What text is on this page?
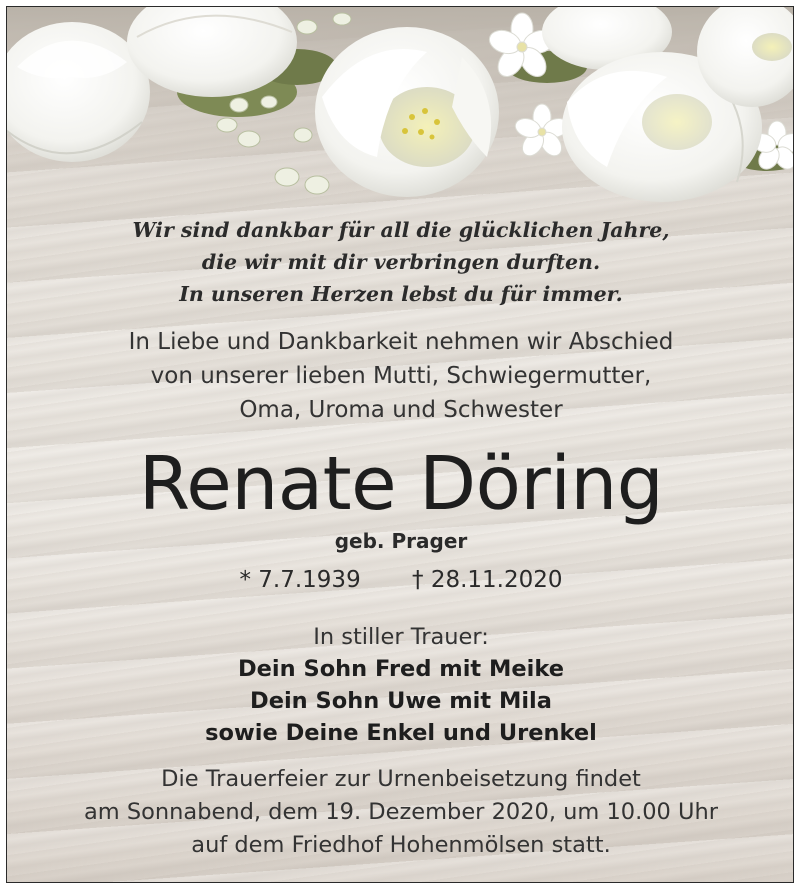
Wir sind dankbar für all die glücklichen Jahre,
die wir mit dir verbringen durften.
In unseren Herzen lebst du für immer.
In Liebe und Dankbarkeit nehmen wir Abschied
von unserer lieben Mutti, Schwiegermutter,
Oma, Uroma und Schwester
Renate Döring
geb. Prager
* 7.7.1939 † 28.11.2020
In stiller Trauer:
Dein Sohn Fred mit Meike
Dein Sohn Uwe mit Mila
sowie Deine Enkel und Urenkel
Die Trauerfeier zur Urnenbeisetzung findet
am Sonnabend, dem 19. Dezember 2020, um 10.00 Uhr
auf dem Friedhof Hohenmölsen statt.
